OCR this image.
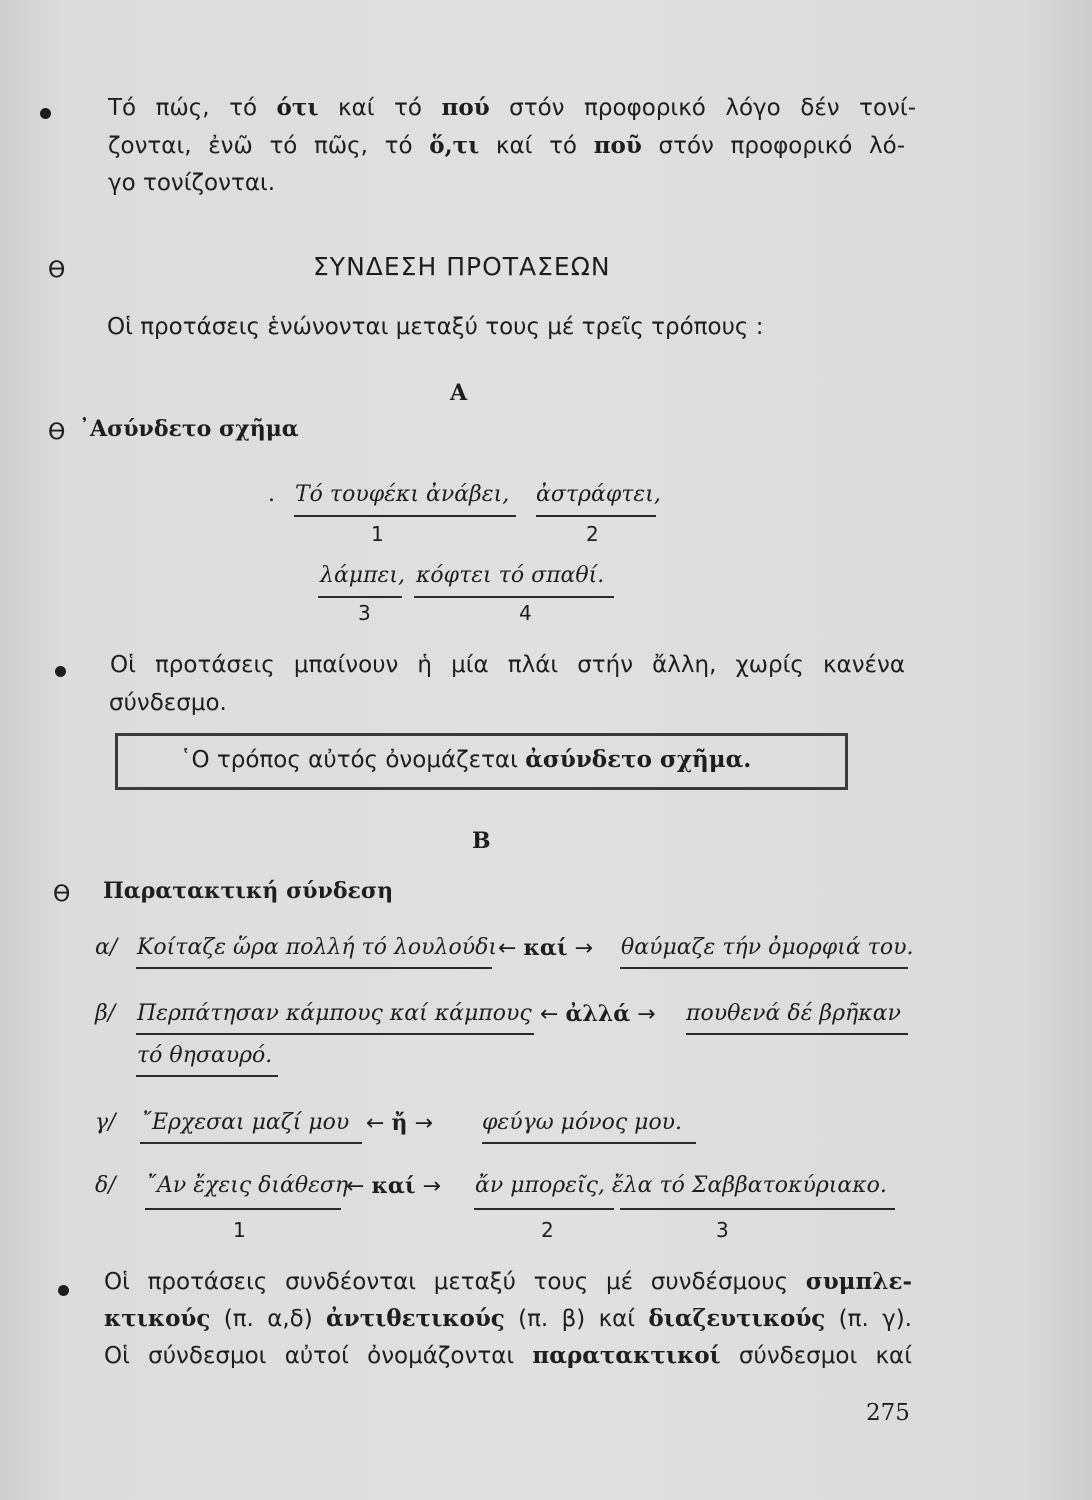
Τό πώς, τό ότι καί τό πού στόν προφορικό λόγο δέν τονί-
ζονται, ἐνῶ τό πῶς, τό ὅ,τι καί τό ποῦ στόν προφορικό λό-
γο τονίζονται.
ϴ	ΣΥΝΔΕΣΗ ΠΡΟΤΑΣΕΩΝ
Οἱ προτάσεις ἑνώνονται μεταξύ τους μέ τρεῖς τρόπους :
Α
ϴ ᾿Ασύνδετο σχῆμα
. Τό τουφέκι ἀνάβει, ἀστράφτει,
1	2
λάμπει, κόφτει τό σπαθί.
3	4
Οἱ προτάσεις μπαίνουν ἡ μία πλάι στήν ἄλλη, χωρίς κανένα
σύνδεσμο.
῾Ο τρόπος αὐτός ὀνομάζεται ἀσύνδετο σχῆμα.
Β
ϴ Παρατακτική σύνδεση
α/ Κοίταζε ὥρα πολλή τό λουλούδι ← καί → θαύμαζε τήν ὀμορφιά του.
β/ Περπάτησαν κάμπους καί κάμπους ← ἀλλά → πουθενά δέ βρῆκαν
τό θησαυρό.
γ/ ῎Ερχεσαι μαζί μου ← ἤ → φεύγω μόνος μου.
δ/ ῎Αν ἔχεις διάθεση
← καί → ἄν μπορεῖς, ἔλα τό Σαββατοκύριακο.
1	2	3
Οἱ προτάσεις συνδέονται μεταξύ τους μέ συνδέσμους συμπλε-
κτικούς (π. α,δ) ἀντιθετικούς (π. β) καί διαζευτικούς (π. γ).
Οἱ σύνδεσμοι αὐτοί ὀνομάζονται παρατακτικοί σύνδεσμοι καί
275
